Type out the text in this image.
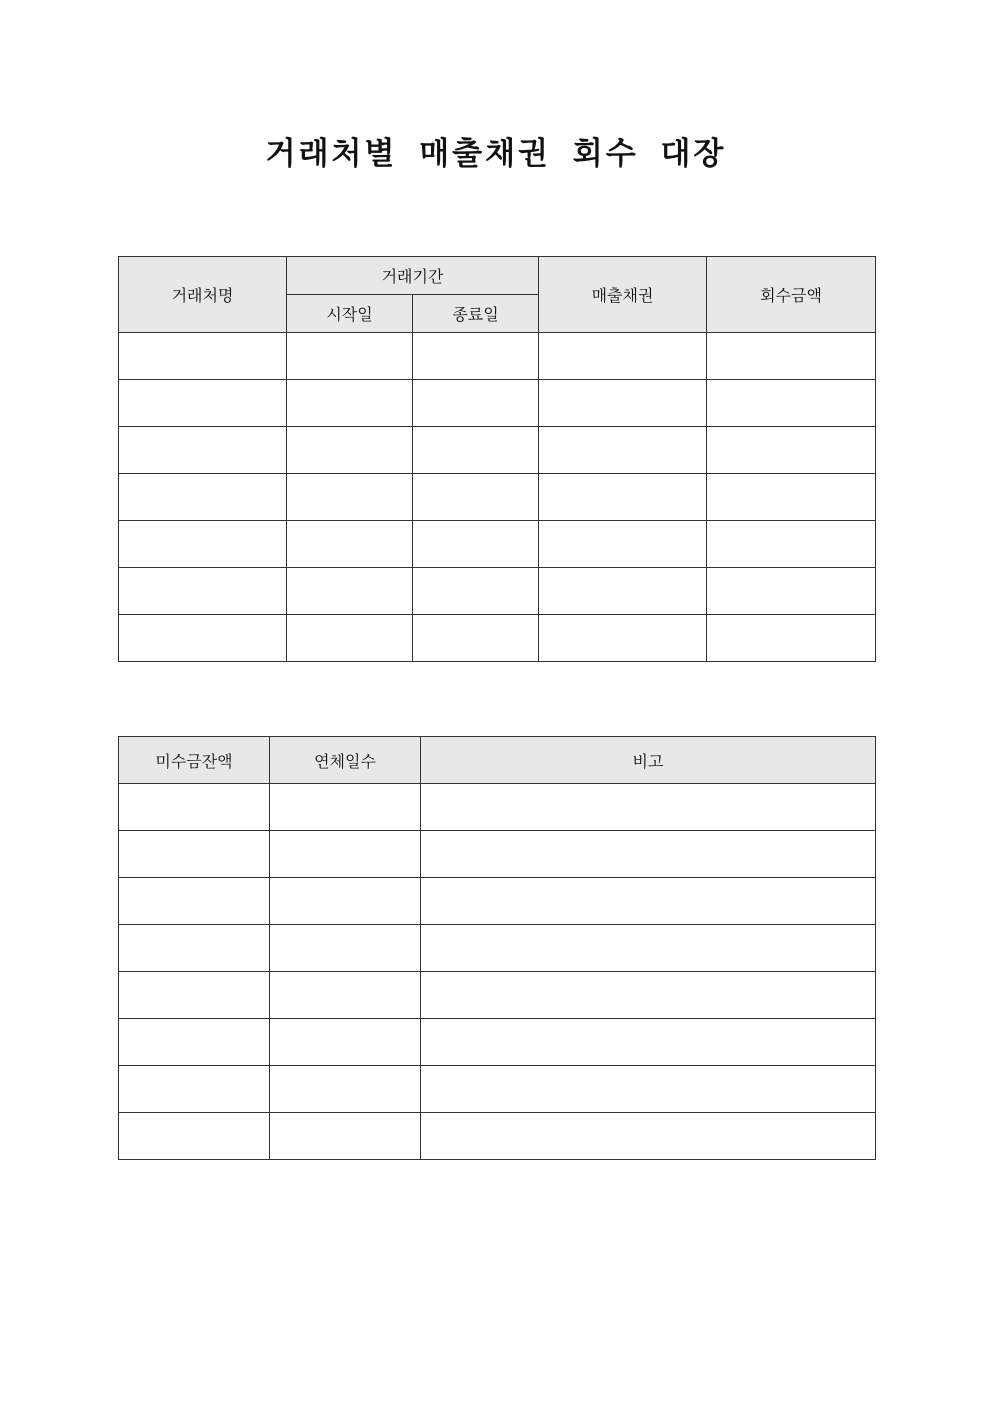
거래처별 매출채권 회수 대장
거래처명	거래기간		매출채권	회수금액
	시작일	종료일		

미수금잔액	연체일수	비고
